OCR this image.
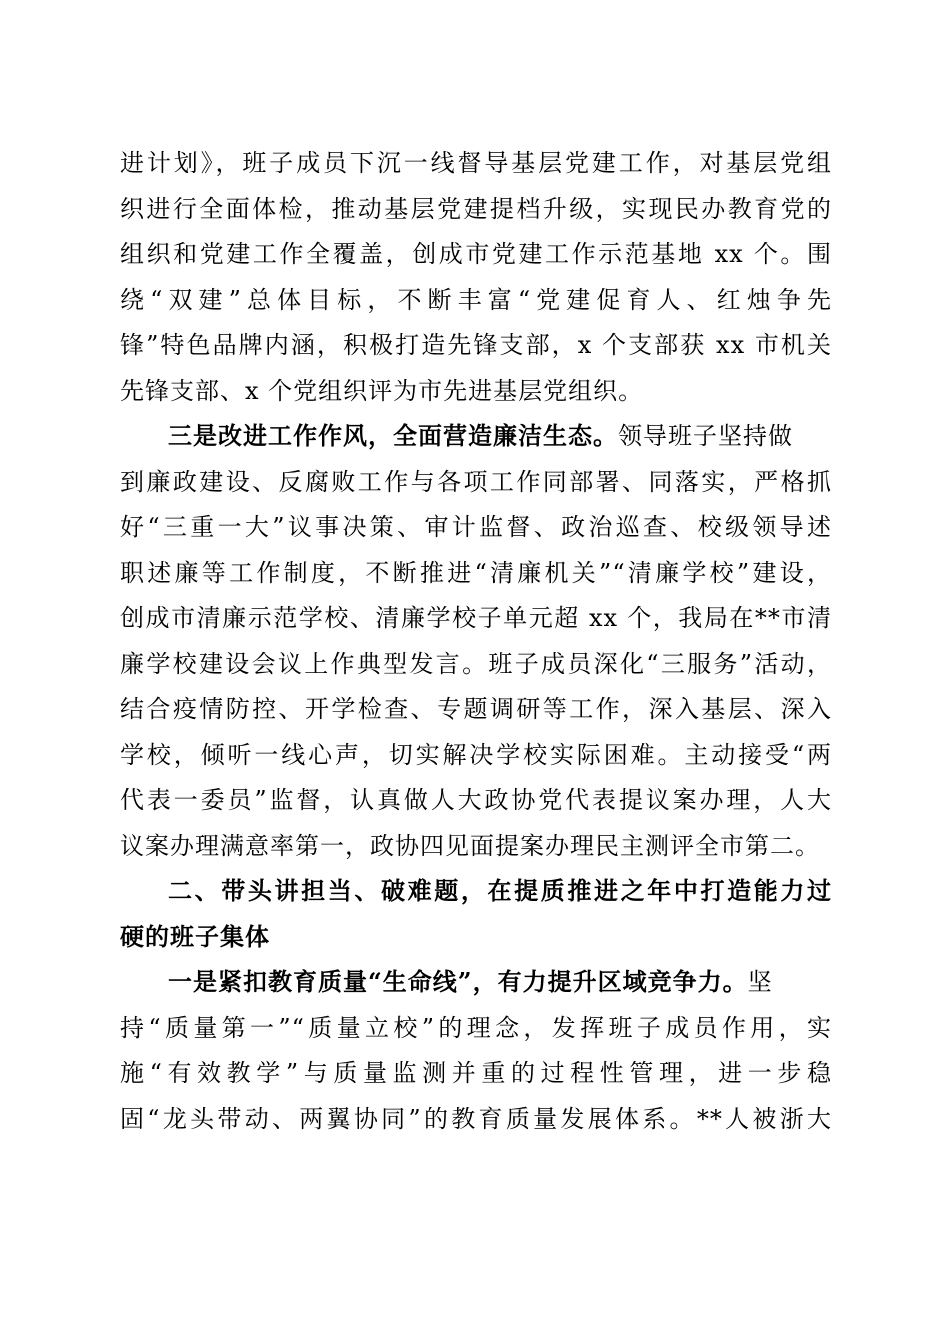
进计划》，班子成员下沉一线督导基层党建工作，对基层党组
织进行全面体检，推动基层党建提档升级，实现民办教育党的
组织和党建工作全覆盖，创成市党建工作示范基地 xx 个。围
绕“双建”总体目标，不断丰富“党建促育人、红烛争先
锋”特色品牌内涵，积极打造先锋支部，x 个支部获 xx 市机关
先锋支部、x 个党组织评为市先进基层党组织。
三是改进工作作风，全面营造廉洁生态。领导班子坚持做
到廉政建设、反腐败工作与各项工作同部署、同落实，严格抓
好“三重一大”议事决策、审计监督、政治巡查、校级领导述
职述廉等工作制度，不断推进“清廉机关”“清廉学校”建设，
创成市清廉示范学校、清廉学校子单元超 xx 个，我局在**市清
廉学校建设会议上作典型发言。班子成员深化“三服务”活动，
结合疫情防控、开学检查、专题调研等工作，深入基层、深入
学校，倾听一线心声，切实解决学校实际困难。主动接受“两
代表一委员”监督，认真做人大政协党代表提议案办理，人大
议案办理满意率第一，政协四见面提案办理民主测评全市第二。
二、带头讲担当、破难题，在提质推进之年中打造能力过
硬的班子集体
一是紧扣教育质量“生命线”，有力提升区域竞争力。坚
持“质量第一”“质量立校”的理念，发挥班子成员作用，实
施“有效教学”与质量监测并重的过程性管理，进一步稳
固“龙头带动、两翼协同”的教育质量发展体系。**人被浙大
